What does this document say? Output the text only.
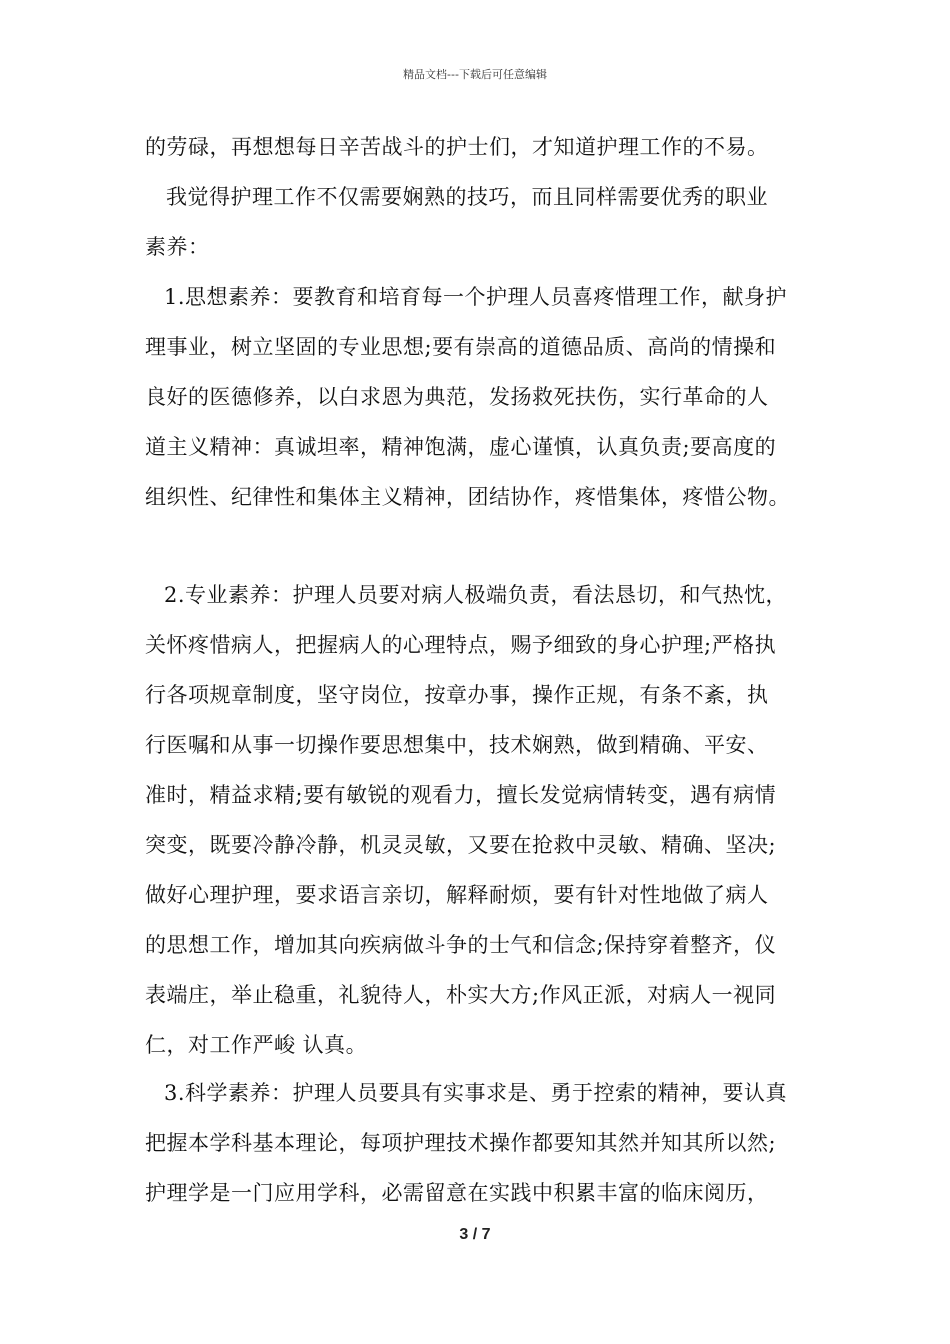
精品文档---下载后可任意编辑
的劳碌，再想想每日辛苦战斗的护士们，才知道护理工作的不易。
我觉得护理工作不仅需要娴熟的技巧，而且同样需要优秀的职业
素养：
1.思想素养：要教育和培育每一个护理人员喜疼惜理工作，献身护
理事业，树立坚固的专业思想;要有崇高的道德品质、高尚的情操和
良好的医德修养，以白求恩为典范，发扬救死扶伤，实行革命的人
道主义精神：真诚坦率，精神饱满，虚心谨慎，认真负责;要高度的
组织性、纪律性和集体主义精神，团结协作，疼惜集体，疼惜公物。
2.专业素养：护理人员要对病人极端负责，看法恳切，和气热忱，
关怀疼惜病人，把握病人的心理特点，赐予细致的身心护理;严格执
行各项规章制度，坚守岗位，按章办事，操作正规，有条不紊，执
行医嘱和从事一切操作要思想集中，技术娴熟，做到精确、平安、
准时，精益求精;要有敏锐的观看力，擅长发觉病情转变，遇有病情
突变，既要冷静冷静，机灵灵敏，又要在抢救中灵敏、精确、坚决;
做好心理护理，要求语言亲切，解释耐烦，要有针对性地做了病人
的思想工作，增加其向疾病做斗争的士气和信念;保持穿着整齐，仪
表端庄，举止稳重，礼貌待人，朴实大方;作风正派，对病人一视同
仁，对工作严峻 认真。
3.科学素养：护理人员要具有实事求是、勇于控索的精神，要认真
把握本学科基本理论，每项护理技术操作都要知其然并知其所以然;
护理学是一门应用学科，必需留意在实践中积累丰富的临床阅历，
3 / 7
